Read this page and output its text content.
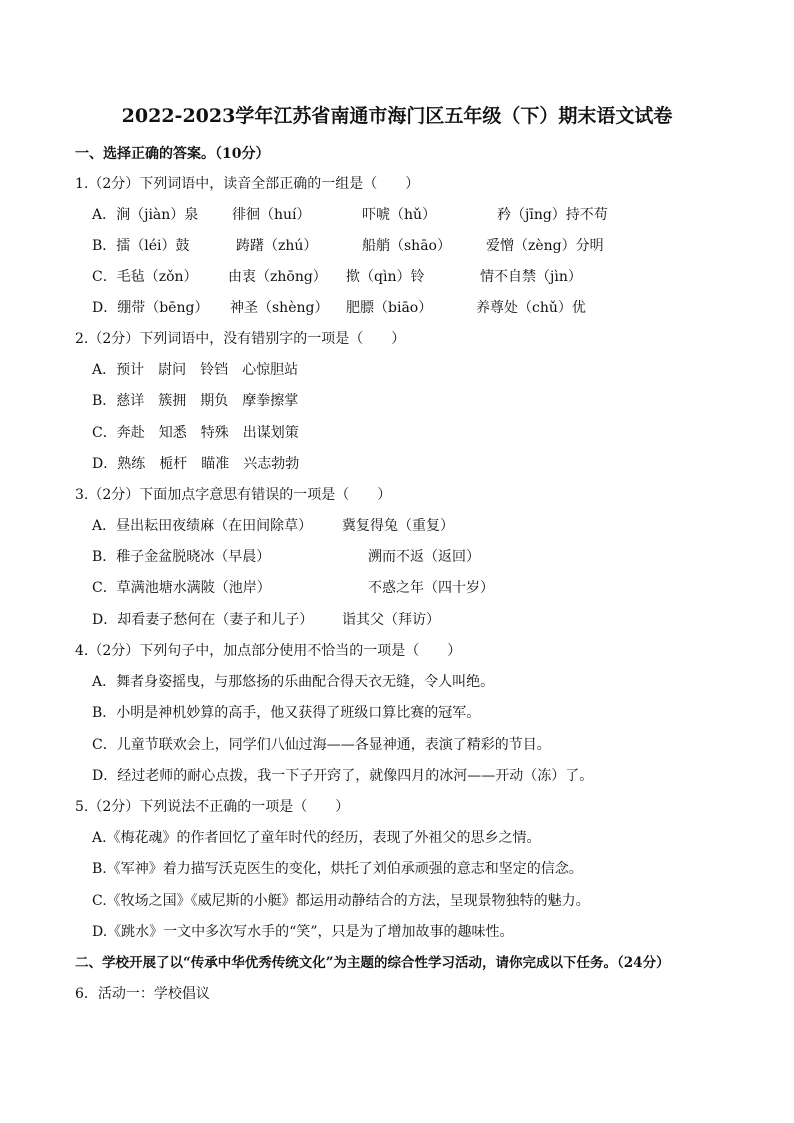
2022-2023学年江苏省南通市海门区五年级（下）期末语文试卷
一、选择正确的答案。（10分）
1.（2分）下列词语中，读音全部正确的一组是（　　）
A．涧（jiàn）泉 徘徊（huí）	吓唬（hǔ）	矜（jīng）持不苟
B．擂（léi）鼓	踌躇（zhú）	船艄（shāo）	爱憎（zèng）分明
C．毛毡（zǒn） 由衷（zhōng） 揿（qìn）铃	情不自禁（jìn）
D．绷带（bēng） 神圣（shèng） 肥膘（biāo）	养尊处（chǔ）优
2.（2分）下列词语中，没有错别字的一项是（　　）
A．预计　尉问　铃铛　心惊胆站
B．慈详　簇拥　期负　摩拳擦掌
C．奔赴　知悉　特殊　出谋划策
D．熟练　栀杆　瞄准　兴志勃勃
3.（2分）下面加点字意思有错误的一项是（　　）
A．昼出耘田夜绩麻（在田间除草） 冀复得兔（重复）
B．稚子金盆脱晓冰（早晨）	溯而不返（返回）
C．草满池塘水满陂（池岸）	不惑之年（四十岁）
D．却看妻子愁何在（妻子和儿子） 诣其父（拜访）
4.（2分）下列句子中，加点部分使用不恰当的一项是（　　）
A．舞者身姿摇曳，与那悠扬的乐曲配合得天衣无缝，令人叫绝。
B．小明是神机妙算的高手，他又获得了班级口算比赛的冠军。
C．儿童节联欢会上，同学们八仙过海——各显神通，表演了精彩的节目。
D．经过老师的耐心点拨，我一下子开窍了，就像四月的冰河——开动（冻）了。
5.（2分）下列说法不正确的一项是（　　）
A.《梅花魂》的作者回忆了童年时代的经历，表现了外祖父的思乡之情。
B.《军神》着力描写沃克医生的变化，烘托了刘伯承顽强的意志和坚定的信念。
C.《牧场之国》《威尼斯的小艇》都运用动静结合的方法，呈现景物独特的魅力。
D.《跳水》一文中多次写水手的“笑”，只是为了增加故事的趣味性。
二、学校开展了以“传承中华优秀传统文化”为主题的综合性学习活动，请你完成以下任务。（24分）
6．活动一：学校倡议
